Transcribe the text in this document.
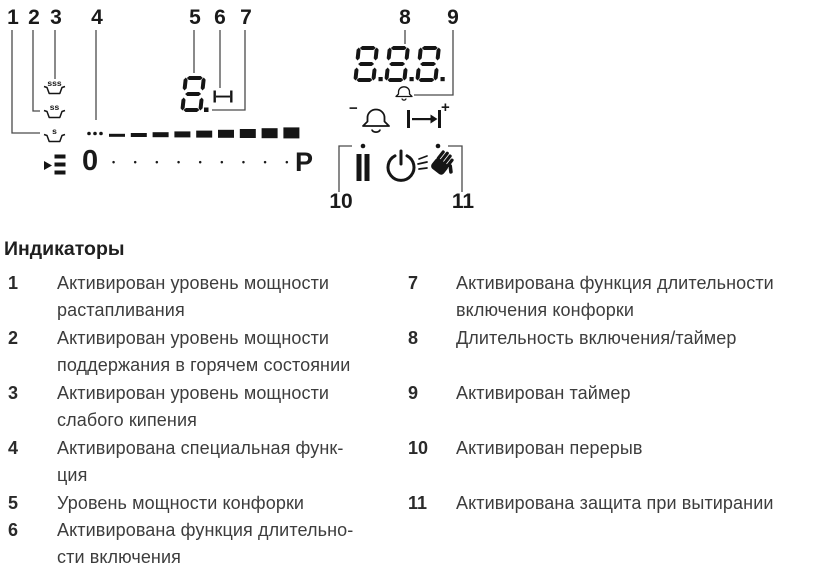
1 2 3 4	5 6 7	8 9
10	11
sss
ss
s
0 •••••••••
P
−	+
Индикаторы
1 Активирован уровень мощности
растапливания
2 Активирован уровень мощности
поддержания в горячем состоянии
3 Активирован уровень мощности
слабого кипения
4 Активирована специальная функ-
ция
5 Уровень мощности конфорки
6 Активирована функция длительно-
сти включения
7 Активирована функция длительности
включения конфорки
8 Длительность включения/таймер
9 Активирован таймер
10 Активирован перерыв
11 Активирована защита при вытирании
